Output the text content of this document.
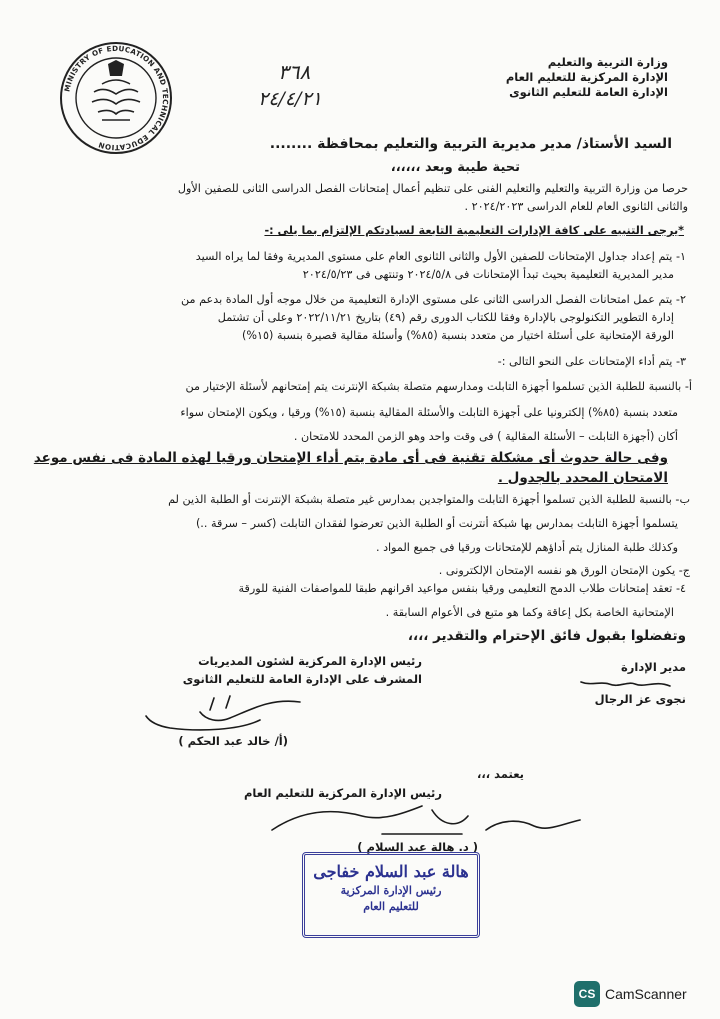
MINISTRY OF EDUCATION AND TECHNICAL EDUCATION
وزارة التربية والتعليم
الإدارة المركزية للتعليم العام
الإدارة العامة للتعليم الثانوى
٣٦٨
٢٤/٤/٢١
السيد الأستاذ/ مدير مديرية التربية والتعليم بمحافظة ........
تحية طيبة وبعد ،،،،،،
حرصا من وزارة التربية والتعليم والتعليم الفنى على تنظيم أعمال إمتحانات الفصل الدراسى الثانى للصفين الأول
والثانى الثانوى العام للعام الدراسى ٢٠٢٤/٢٠٢٣ .
*يرجى التنبيه على كافة الإدارات التعليمية التابعة لسيادتكم الإلتزام بما يلى :-
١- يتم إعداد جداول الإمتحانات للصفين الأول والثانى الثانوى العام على مستوى المديرية وفقا لما يراه السيد
مدير المديرية التعليمية بحيث تبدأ الإمتحانات فى ٢٠٢٤/٥/٨ وتنتهى فى ٢٠٢٤/٥/٢٣
٢- يتم عمل امتحانات الفصل الدراسى الثانى على مستوى الإدارة التعليمية من خلال موجه أول المادة بدعم من
إدارة التطوير التكنولوجى بالإدارة وفقا للكتاب الدورى رقم (٤٩) بتاريخ ٢٠٢٢/١١/٢١ وعلى أن تشتمل
الورقة الإمتحانية على أسئلة اختيار من متعدد بنسبة (٨٥%) وأسئلة مقالية قصيرة بنسبة (١٥%)
٣- يتم أداء الإمتحانات على النحو التالى :-
أ- بالنسبة للطلبة الذين تسلموا أجهزة التابلت ومدارسهم متصلة بشبكة الإنترنت يتم إمتحانهم لأسئلة الإختيار من
متعدد بنسبة (٨٥%) إلكترونيا على أجهزة التابلت والأسئلة المقالية بنسبة (١٥%) ورقيا ، ويكون الإمتحان سواء
أكان (أجهزة التابلت – الأسئلة المقالية ) فى وقت واحد وهو الزمن المحدد للامتحان .
وفى حالة حدوث أى مشكلة تقنية فى أى مادة يتم أداء الإمتحان ورقيا لهذه المادة فى نفس موعد
الامتحان المحدد بالجدول .
ب- بالنسبة للطلبة الذين تسلموا أجهزة التابلت والمتواجدين بمدارس غير متصلة بشبكة الإنترنت أو الطلبة الذين لم
يتسلموا أجهزة التابلت بمدارس بها شبكة أنترنت أو الطلبة الذين تعرضوا لفقدان التابلت (كسر – سرقة ..)
وكذلك طلبة المنازل يتم أداؤهم للإمتحانات ورقيا فى جميع المواد .
ج- يكون الإمتحان الورق هو نفسه الإمتحان الإلكترونى .
٤- تعقد إمتحانات طلاب الدمج التعليمى ورقيا بنفس مواعيد اقرانهم طبقا للمواصفات الفنية للورقة
الإمتحانية الخاصة بكل إعاقة وكما هو متبع فى الأعوام السابقة .
وتفضلوا بقبول فائق الإحترام والتقدير ،،،،
رئيس الإدارة المركزية لشئون المديريات
المشرف على الإدارة العامة للتعليم الثانوى
(أ/ خالد عبد الحكم )
مدير الإدارة
نجوى عز الرجال
يعتمد ،،،
رئيس الإدارة المركزية للتعليم العام
( د. هالة عبد السلام )
هالة عبد السلام خفاجى
رئيس الإدارة المركزية
للتعليم العام
CS CamScanner
